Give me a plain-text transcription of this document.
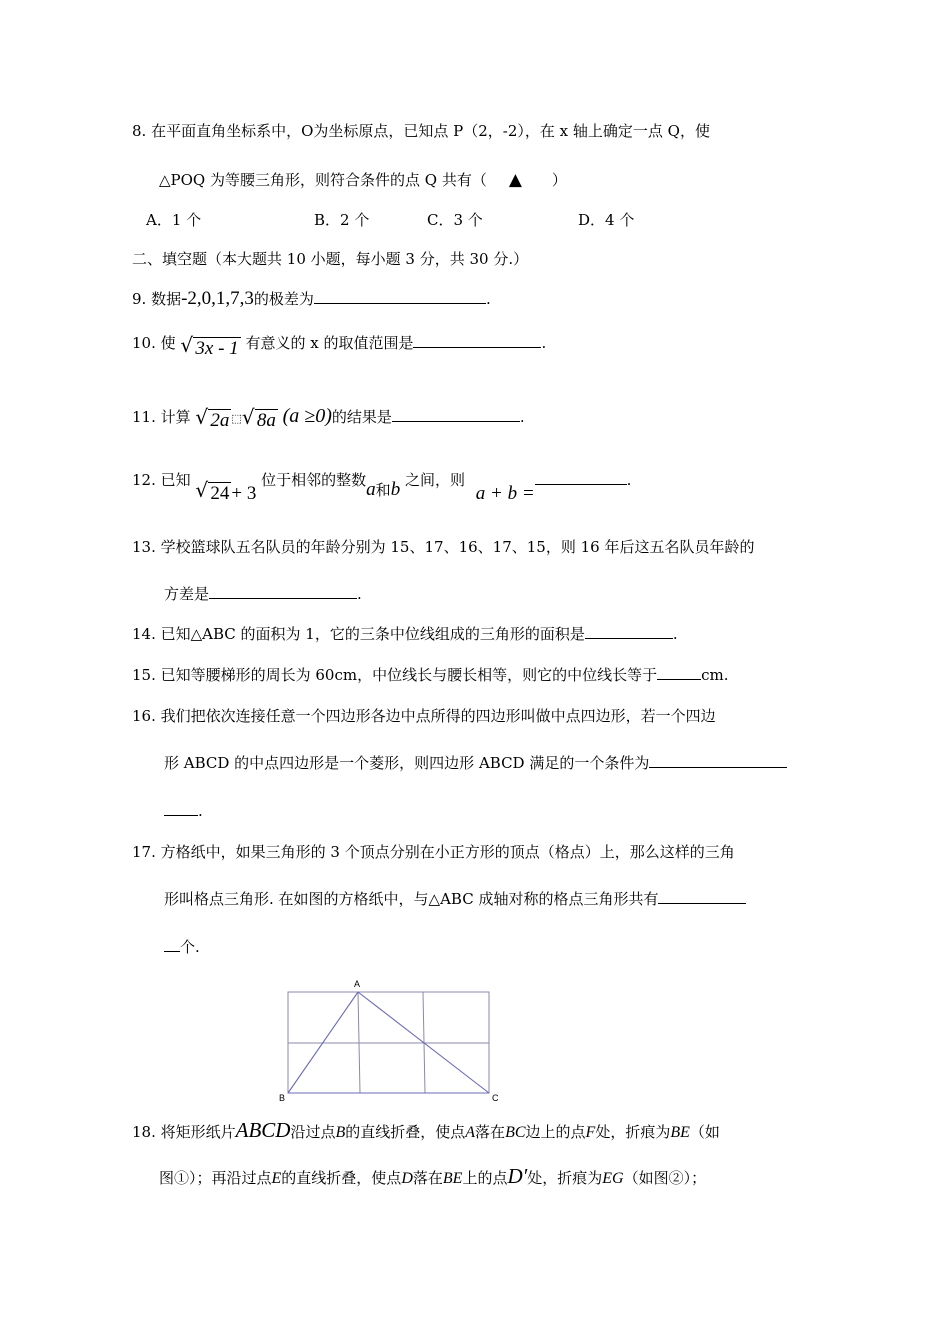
8. 在平面直角坐标系中，O为坐标原点，已知点 P（2，-2），在 x 轴上确定一点 Q，使
△POQ 为等腰三角形，则符合条件的点 Q 共有（ ▲ ）
A．1 个	B．2 个	C．3 个	D．4 个
二、填空题（本大题共 10 小题，每小题 3 分，共 30 分.）
9. 数据-2,0,1,7,3的极差为	.
10. 使 √ 3x - 1 有意义的 x 的取值范围是	.
11. 计算 √ 2a ⬚ √ 8a (a ≥0)的结果是	.
12. 已知 √ 24 + 3 位于相邻的整数a和b 之间，则 a + b =.
13. 学校篮球队五名队员的年龄分别为 15、17、16、17、15，则 16 年后这五名队员年龄的
方差是	.
14. 已知△ABC 的面积为 1，它的三条中位线组成的三角形的面积是	.
15. 已知等腰梯形的周长为 60cm，中位线长与腰长相等，则它的中位线长等于	cm.
16. 我们把依次连接任意一个四边形各边中点所得的四边形叫做中点四边形，若一个四边
形 ABCD 的中点四边形是一个菱形，则四边形 ABCD 满足的一个条件为
.
17. 方格纸中，如果三角形的 3 个顶点分别在小正方形的顶点（格点）上，那么这样的三角
形叫格点三角形. 在如图的方格纸中，与△ABC 成轴对称的格点三角形共有
个.
A
B	C
18. 将矩形纸片ABCD沿过点B的直线折叠，使点A落在BC边上的点F处，折痕为BE（如
图①）；再沿过点E的直线折叠，使点D落在BE上的点D′处，折痕为EG（如图②）；
